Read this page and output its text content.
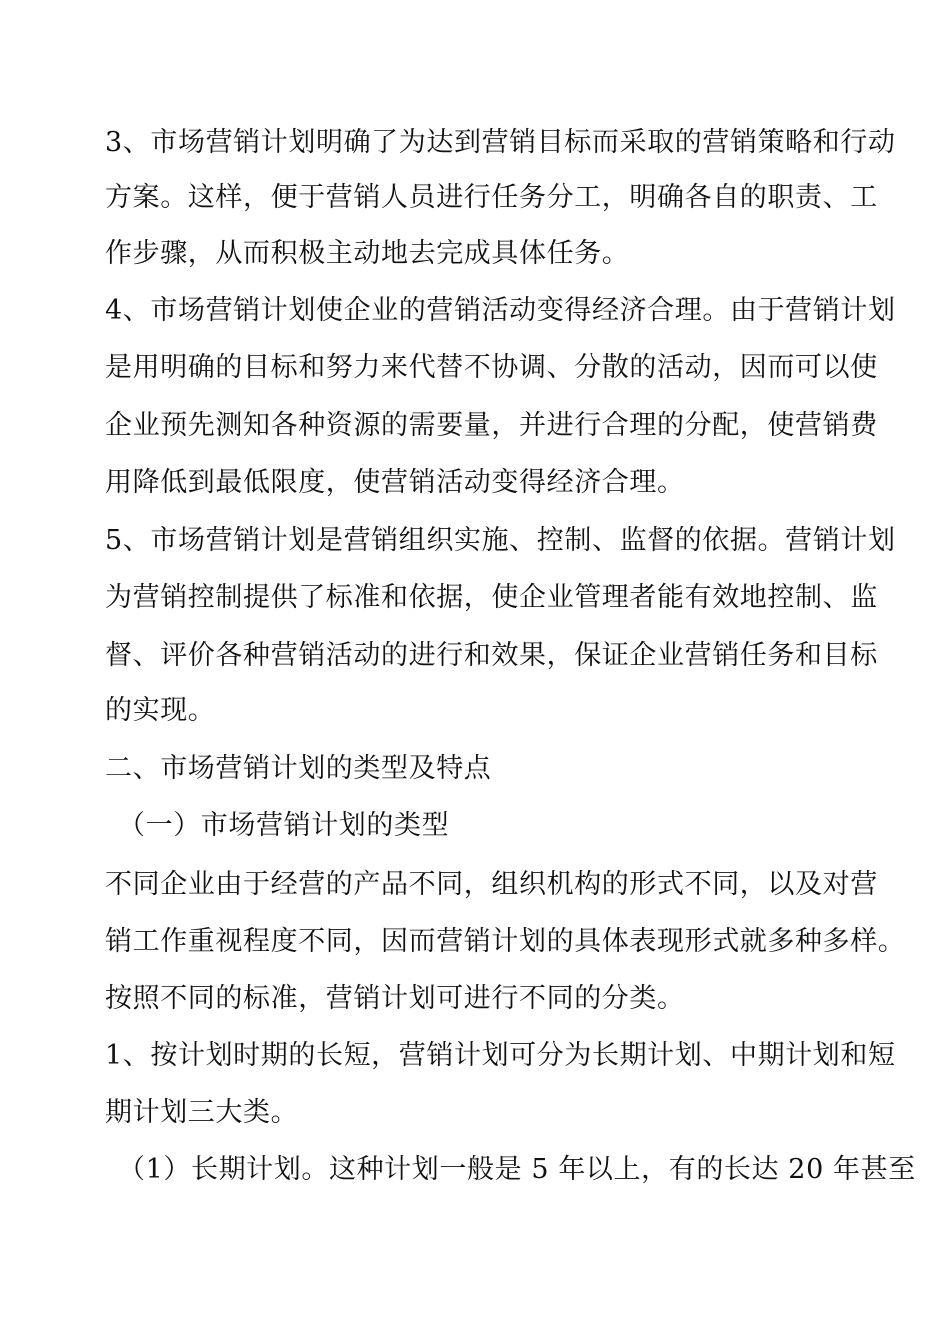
3、市场营销计划明确了为达到营销目标而采取的营销策略和行动
方案。这样，便于营销人员进行任务分工，明确各自的职责、工
作步骤，从而积极主动地去完成具体任务。
4、市场营销计划使企业的营销活动变得经济合理。由于营销计划
是用明确的目标和努力来代替不协调、分散的活动，因而可以使
企业预先测知各种资源的需要量，并进行合理的分配，使营销费
用降低到最低限度，使营销活动变得经济合理。
5、市场营销计划是营销组织实施、控制、监督的依据。营销计划
为营销控制提供了标准和依据，使企业管理者能有效地控制、监
督、评价各种营销活动的进行和效果，保证企业营销任务和目标
的实现。
二、市场营销计划的类型及特点
（一）市场营销计划的类型
不同企业由于经营的产品不同，组织机构的形式不同，以及对营
销工作重视程度不同，因而营销计划的具体表现形式就多种多样。
按照不同的标准，营销计划可进行不同的分类。
1、按计划时期的长短，营销计划可分为长期计划、中期计划和短
期计划三大类。
（1）长期计划。这种计划一般是 5 年以上，有的长达 20 年甚至
